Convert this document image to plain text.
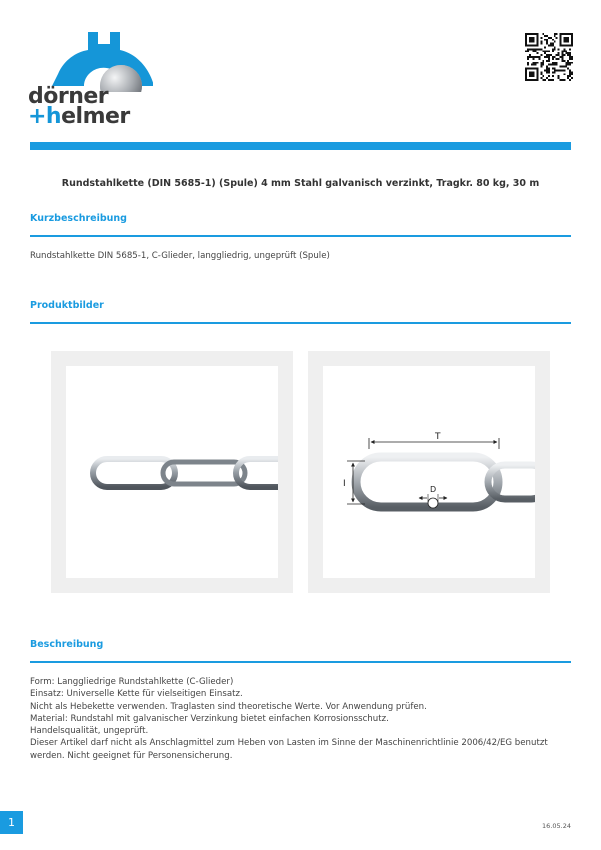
dörner
+helmer
Rundstahlkette (DIN 5685-1) (Spule) 4 mm Stahl galvanisch verzinkt, Tragkr. 80 kg, 30 m
Kurzbeschreibung
Rundstahlkette DIN 5685-1, C-Glieder, langgliedrig, ungeprüft (Spule)
Produktbilder
T
I
D
Beschreibung
Form: Langgliedrige Rundstahlkette (C-Glieder)
Einsatz: Universelle Kette für vielseitigen Einsatz.
Nicht als Hebekette verwenden. Traglasten sind theoretische Werte. Vor Anwendung prüfen.
Material: Rundstahl mit galvanischer Verzinkung bietet einfachen Korrosionsschutz.
Handelsqualität, ungeprüft.
Dieser Artikel darf nicht als Anschlagmittel zum Heben von Lasten im Sinne der Maschinenrichtlinie 2006/42/EG benutzt
werden. Nicht geeignet für Personensicherung.
1	16.05.24
